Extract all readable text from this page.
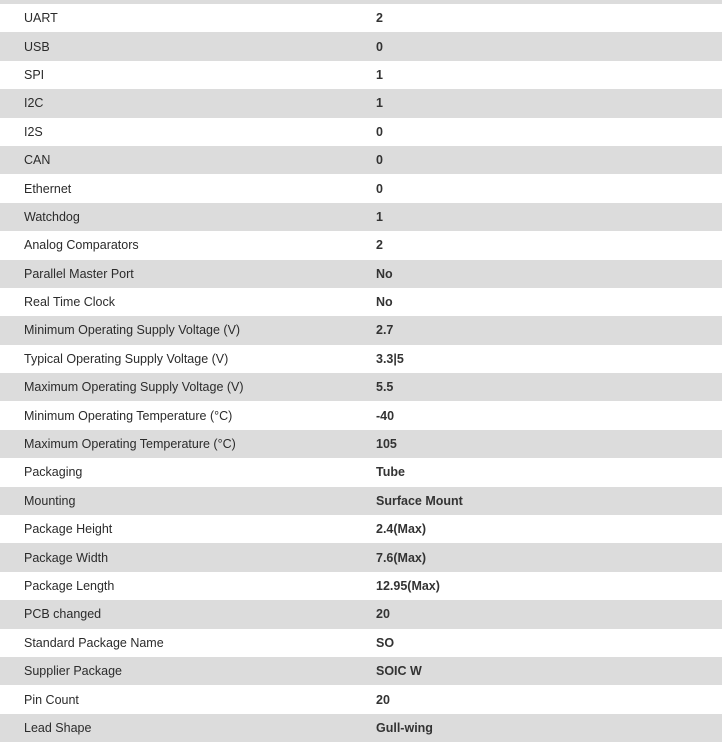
UART	2
USB	0
SPI	1
I2C	1
I2S	0
CAN	0
Ethernet	0
Watchdog	1
Analog Comparators	2
Parallel Master Port	No
Real Time Clock	No
Minimum Operating Supply Voltage (V)	2.7
Typical Operating Supply Voltage (V)	3.3|5
Maximum Operating Supply Voltage (V)	5.5
Minimum Operating Temperature (°C)	-40
Maximum Operating Temperature (°C)	105
Packaging	Tube
Mounting	Surface Mount
Package Height	2.4(Max)
Package Width	7.6(Max)
Package Length	12.95(Max)
PCB changed	20
Standard Package Name	SO
Supplier Package	SOIC W
Pin Count	20
Lead Shape	Gull-wing
